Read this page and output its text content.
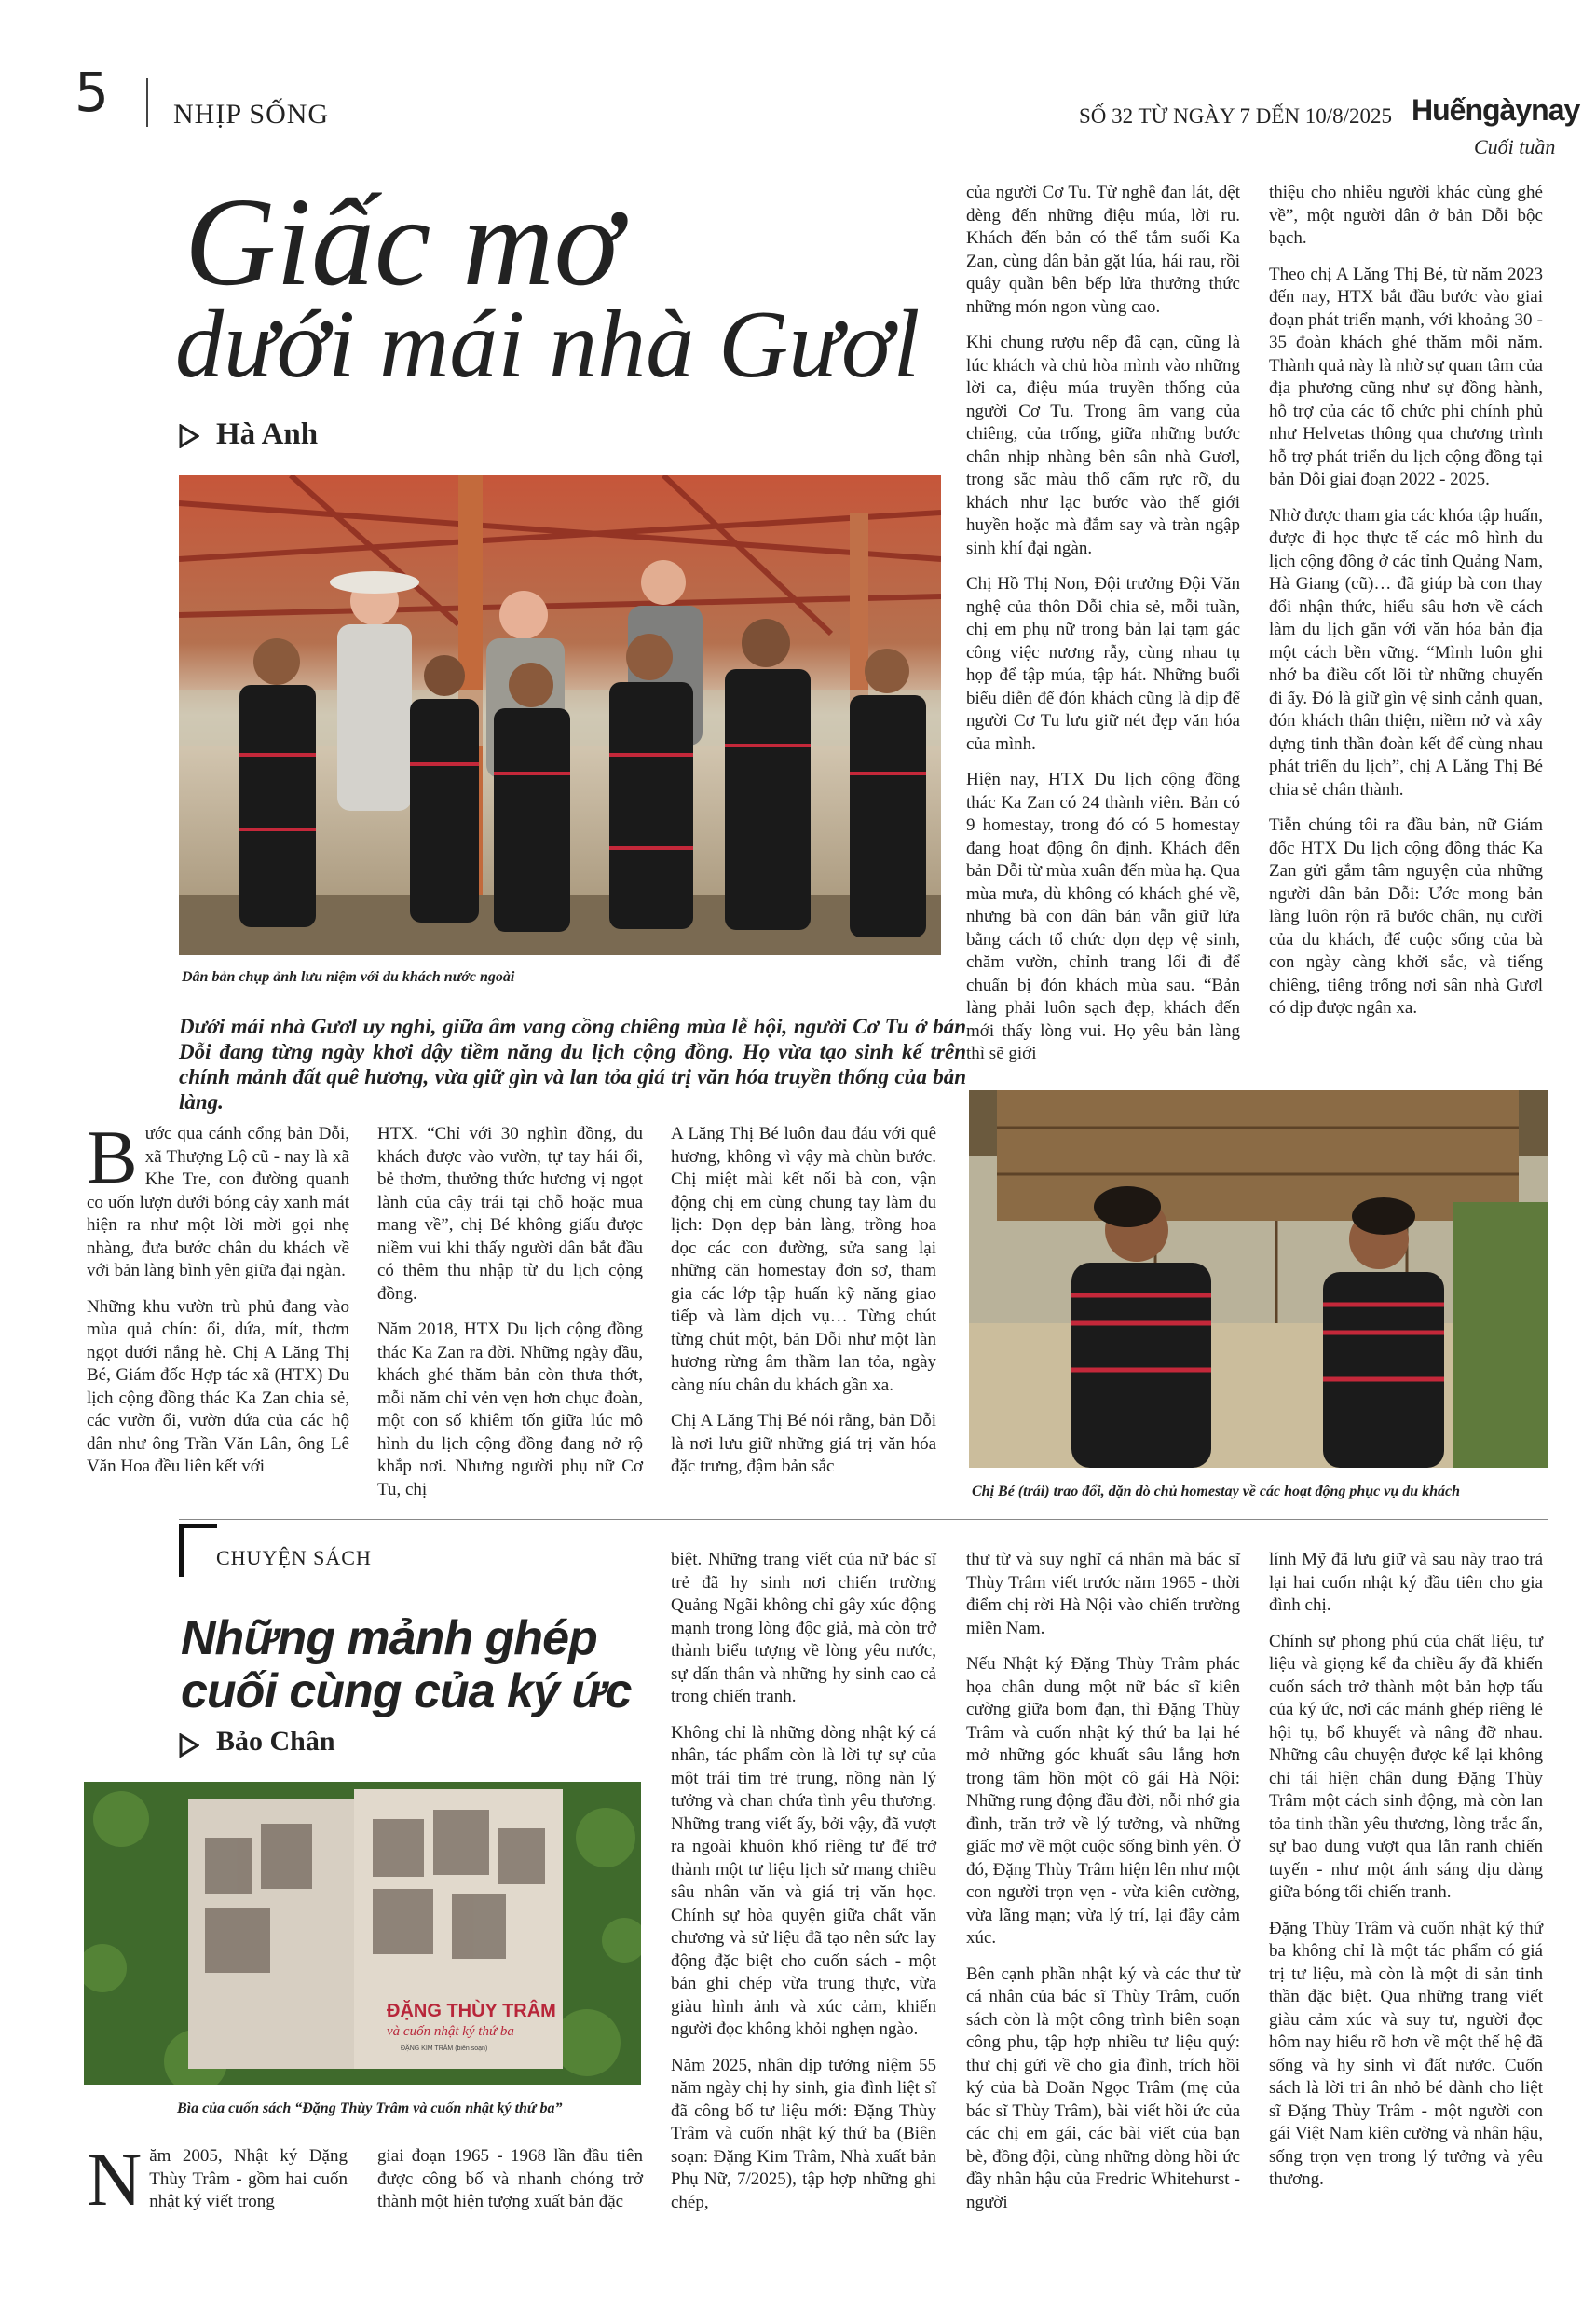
5 NHỊP SỐNG	SỐ 32 TỪ NGÀY 7 ĐẾN 10/8/2025 Huếngàynay
Cuối tuần
Giấc mơ
dưới mái nhà Gươl
Hà Anh
Dân bản chụp ảnh lưu niệm với du khách nước ngoài
Dưới mái nhà Gươl uy nghi, giữa âm vang cồng chiêng mùa lễ hội, người Cơ Tu ở bản Dỗi đang từng ngày khơi dậy tiềm năng du lịch cộng đồng. Họ vừa tạo sinh kế trên chính mảnh đất quê hương, vừa giữ gìn và lan tỏa giá trị văn hóa truyền thống của bản làng.

Bước qua cánh cổng bản Dỗi, xã Thượng Lộ cũ - nay là xã Khe Tre, con đường quanh co uốn lượn dưới bóng cây xanh mát hiện ra như một lời mời gọi nhẹ nhàng, đưa bước chân du khách về với bản làng bình yên giữa đại ngàn.

Những khu vườn trù phủ đang vào mùa quả chín: ổi, dứa, mít, thơm ngọt dưới nắng hè. Chị A Lăng Thị Bé, Giám đốc Hợp tác xã (HTX) Du lịch cộng đồng thác Ka Zan chia sẻ, các vườn ổi, vườn dứa của các hộ dân như ông Trần Văn Lân, ông Lê Văn Hoa đều liên kết với

HTX. “Chỉ với 30 nghìn đồng, du khách được vào vườn, tự tay hái ổi, bẻ thơm, thưởng thức hương vị ngọt lành của cây trái tại chỗ hoặc mua mang về”, chị Bé không giấu được niềm vui khi thấy người dân bắt đầu có thêm thu nhập từ du lịch cộng đồng.

Năm 2018, HTX Du lịch cộng đồng thác Ka Zan ra đời. Những ngày đầu, khách ghé thăm bản còn thưa thớt, mỗi năm chỉ vẻn vẹn hơn chục đoàn, một con số khiêm tốn giữa lúc mô hình du lịch cộng đồng đang nở rộ khắp nơi. Nhưng người phụ nữ Cơ Tu, chị

A Lăng Thị Bé luôn đau đáu với quê hương, không vì vậy mà chùn bước. Chị miệt mài kết nối bà con, vận động chị em cùng chung tay làm du lịch: Dọn dẹp bản làng, trồng hoa dọc các con đường, sửa sang lại những căn homestay đơn sơ, tham gia các lớp tập huấn kỹ năng giao tiếp và làm dịch vụ… Từng chút từng chút một, bản Dỗi như một làn hương rừng âm thầm lan tỏa, ngày càng níu chân du khách gần xa.

Chị A Lăng Thị Bé nói rằng, bản Dỗi là nơi lưu giữ những giá trị văn hóa đặc trưng, đậm bản sắc

của người Cơ Tu. Từ nghề đan lát, dệt dèng đến những điệu múa, lời ru. Khách đến bản có thể tắm suối Ka Zan, cùng dân bản gặt lúa, hái rau, rồi quây quần bên bếp lửa thưởng thức những món ngon vùng cao.

Khi chung rượu nếp đã cạn, cũng là lúc khách và chủ hòa mình vào những lời ca, điệu múa truyền thống của người Cơ Tu. Trong âm vang của chiêng, của trống, giữa những bước chân nhịp nhàng bên sân nhà Gươl, trong sắc màu thổ cẩm rực rỡ, du khách như lạc bước vào thế giới huyền hoặc mà đắm say và tràn ngập sinh khí đại ngàn.

Chị Hồ Thị Non, Đội trưởng Đội Văn nghệ của thôn Dỗi chia sẻ, mỗi tuần, chị em phụ nữ trong bản lại tạm gác công việc nương rẫy, cùng nhau tụ họp để tập múa, tập hát. Những buổi biểu diễn để đón khách cũng là dịp để người Cơ Tu lưu giữ nét đẹp văn hóa của mình.

Hiện nay, HTX Du lịch cộng đồng thác Ka Zan có 24 thành viên. Bản có 9 homestay, trong đó có 5 homestay đang hoạt động ổn định. Khách đến bản Dỗi từ mùa xuân đến mùa hạ. Qua mùa mưa, dù không có khách ghé về, nhưng bà con dân bản vẫn giữ lửa bằng cách tổ chức dọn dẹp vệ sinh, chăm vườn, chỉnh trang lối đi để chuẩn bị đón khách mùa sau. “Bản làng phải luôn sạch đẹp, khách đến mới thấy lòng vui. Họ yêu bản làng thì sẽ giới

thiệu cho nhiều người khác cùng ghé về”, một người dân ở bản Dỗi bộc bạch.

Theo chị A Lăng Thị Bé, từ năm 2023 đến nay, HTX bắt đầu bước vào giai đoạn phát triển mạnh, với khoảng 30 - 35 đoàn khách ghé thăm mỗi năm. Thành quả này là nhờ sự quan tâm của địa phương cũng như sự đồng hành, hỗ trợ của các tổ chức phi chính phủ như Helvetas thông qua chương trình hỗ trợ phát triển du lịch cộng đồng tại bản Dỗi giai đoạn 2022 - 2025.

Nhờ được tham gia các khóa tập huấn, được đi học thực tế các mô hình du lịch cộng đồng ở các tỉnh Quảng Nam, Hà Giang (cũ)… đã giúp bà con thay đổi nhận thức, hiểu sâu hơn về cách làm du lịch gắn với văn hóa bản địa một cách bền vững. “Mình luôn ghi nhớ ba điều cốt lõi từ những chuyến đi ấy. Đó là giữ gìn vệ sinh cảnh quan, đón khách thân thiện, niềm nở và xây dựng tinh thần đoàn kết để cùng nhau phát triển du lịch”, chị A Lăng Thị Bé chia sẻ chân thành.

Tiễn chúng tôi ra đầu bản, nữ Giám đốc HTX Du lịch cộng đồng thác Ka Zan gửi gắm tâm nguyện của những người dân bản Dỗi: Ước mong bản làng luôn rộn rã bước chân, nụ cười của du khách, để cuộc sống của bà con ngày càng khởi sắc, và tiếng chiêng, tiếng trống nơi sân nhà Gươl có dịp được ngân xa.

Chị Bé (trái) trao đổi, dặn dò chủ homestay về các hoạt động phục vụ du khách
CHUYỆN SÁCH
Những mảnh ghép
cuối cùng của ký ức
Bảo Chân
ĐẶNG THÙY TRÂM
và cuốn nhật ký thứ ba
ĐẶNG KIM TRÂM (biên soạn)
Bìa của cuốn sách “Đặng Thùy Trâm và cuốn nhật ký thứ ba”

Năm 2005, Nhật ký Đặng Thùy Trâm - gồm hai cuốn nhật ký viết trong

giai đoạn 1965 - 1968 lần đầu tiên được công bố và nhanh chóng trở thành một hiện tượng xuất bản đặc

biệt. Những trang viết của nữ bác sĩ trẻ đã hy sinh nơi chiến trường Quảng Ngãi không chỉ gây xúc động mạnh trong lòng độc giả, mà còn trở thành biểu tượng về lòng yêu nước, sự dấn thân và những hy sinh cao cả trong chiến tranh.

Không chỉ là những dòng nhật ký cá nhân, tác phẩm còn là lời tự sự của một trái tim trẻ trung, nồng nàn lý tưởng và chan chứa tình yêu thương. Những trang viết ấy, bởi vậy, đã vượt ra ngoài khuôn khổ riêng tư để trở thành một tư liệu lịch sử mang chiều sâu nhân văn và giá trị văn học. Chính sự hòa quyện giữa chất văn chương và sử liệu đã tạo nên sức lay động đặc biệt cho cuốn sách - một bản ghi chép vừa trung thực, vừa giàu hình ảnh và xúc cảm, khiến người đọc không khỏi nghẹn ngào.

Năm 2025, nhân dịp tưởng niệm 55 năm ngày chị hy sinh, gia đình liệt sĩ đã công bố tư liệu mới: Đặng Thùy Trâm và cuốn nhật ký thứ ba (Biên soạn: Đặng Kim Trâm, Nhà xuất bản Phụ Nữ, 7/2025), tập hợp những ghi chép,

thư từ và suy nghĩ cá nhân mà bác sĩ Thùy Trâm viết trước năm 1965 - thời điểm chị rời Hà Nội vào chiến trường miền Nam.

Nếu Nhật ký Đặng Thùy Trâm phác họa chân dung một nữ bác sĩ kiên cường giữa bom đạn, thì Đặng Thùy Trâm và cuốn nhật ký thứ ba lại hé mở những góc khuất sâu lắng hơn trong tâm hồn một cô gái Hà Nội: Những rung động đầu đời, nỗi nhớ gia đình, trăn trở về lý tưởng, và những giấc mơ về một cuộc sống bình yên. Ở đó, Đặng Thùy Trâm hiện lên như một con người trọn vẹn - vừa kiên cường, vừa lãng mạn; vừa lý trí, lại đầy cảm xúc.

Bên cạnh phần nhật ký và các thư từ cá nhân của bác sĩ Thùy Trâm, cuốn sách còn là một công trình biên soạn công phu, tập hợp nhiều tư liệu quý: thư chị gửi về cho gia đình, trích hồi ký của bà Doãn Ngọc Trâm (mẹ của bác sĩ Thùy Trâm), bài viết hồi ức của các chị em gái, các bài viết của bạn bè, đồng đội, cùng những dòng hồi ức đầy nhân hậu của Fredric Whitehurst - người

lính Mỹ đã lưu giữ và sau này trao trả lại hai cuốn nhật ký đầu tiên cho gia đình chị.

Chính sự phong phú của chất liệu, tư liệu và giọng kể đa chiều ấy đã khiến cuốn sách trở thành một bản hợp tấu của ký ức, nơi các mảnh ghép riêng lẻ hội tụ, bổ khuyết và nâng đỡ nhau. Những câu chuyện được kể lại không chỉ tái hiện chân dung Đặng Thùy Trâm một cách sinh động, mà còn lan tỏa tinh thần yêu thương, lòng trắc ẩn, sự bao dung vượt qua lằn ranh chiến tuyến - như một ánh sáng dịu dàng giữa bóng tối chiến tranh.

Đặng Thùy Trâm và cuốn nhật ký thứ ba không chỉ là một tác phẩm có giá trị tư liệu, mà còn là một di sản tinh thần đặc biệt. Qua những trang viết giàu cảm xúc và suy tư, người đọc hôm nay hiểu rõ hơn về một thế hệ đã sống và hy sinh vì đất nước. Cuốn sách là lời tri ân nhỏ bé dành cho liệt sĩ Đặng Thùy Trâm - một người con gái Việt Nam kiên cường và nhân hậu, sống trọn vẹn trong lý tưởng và yêu thương.
